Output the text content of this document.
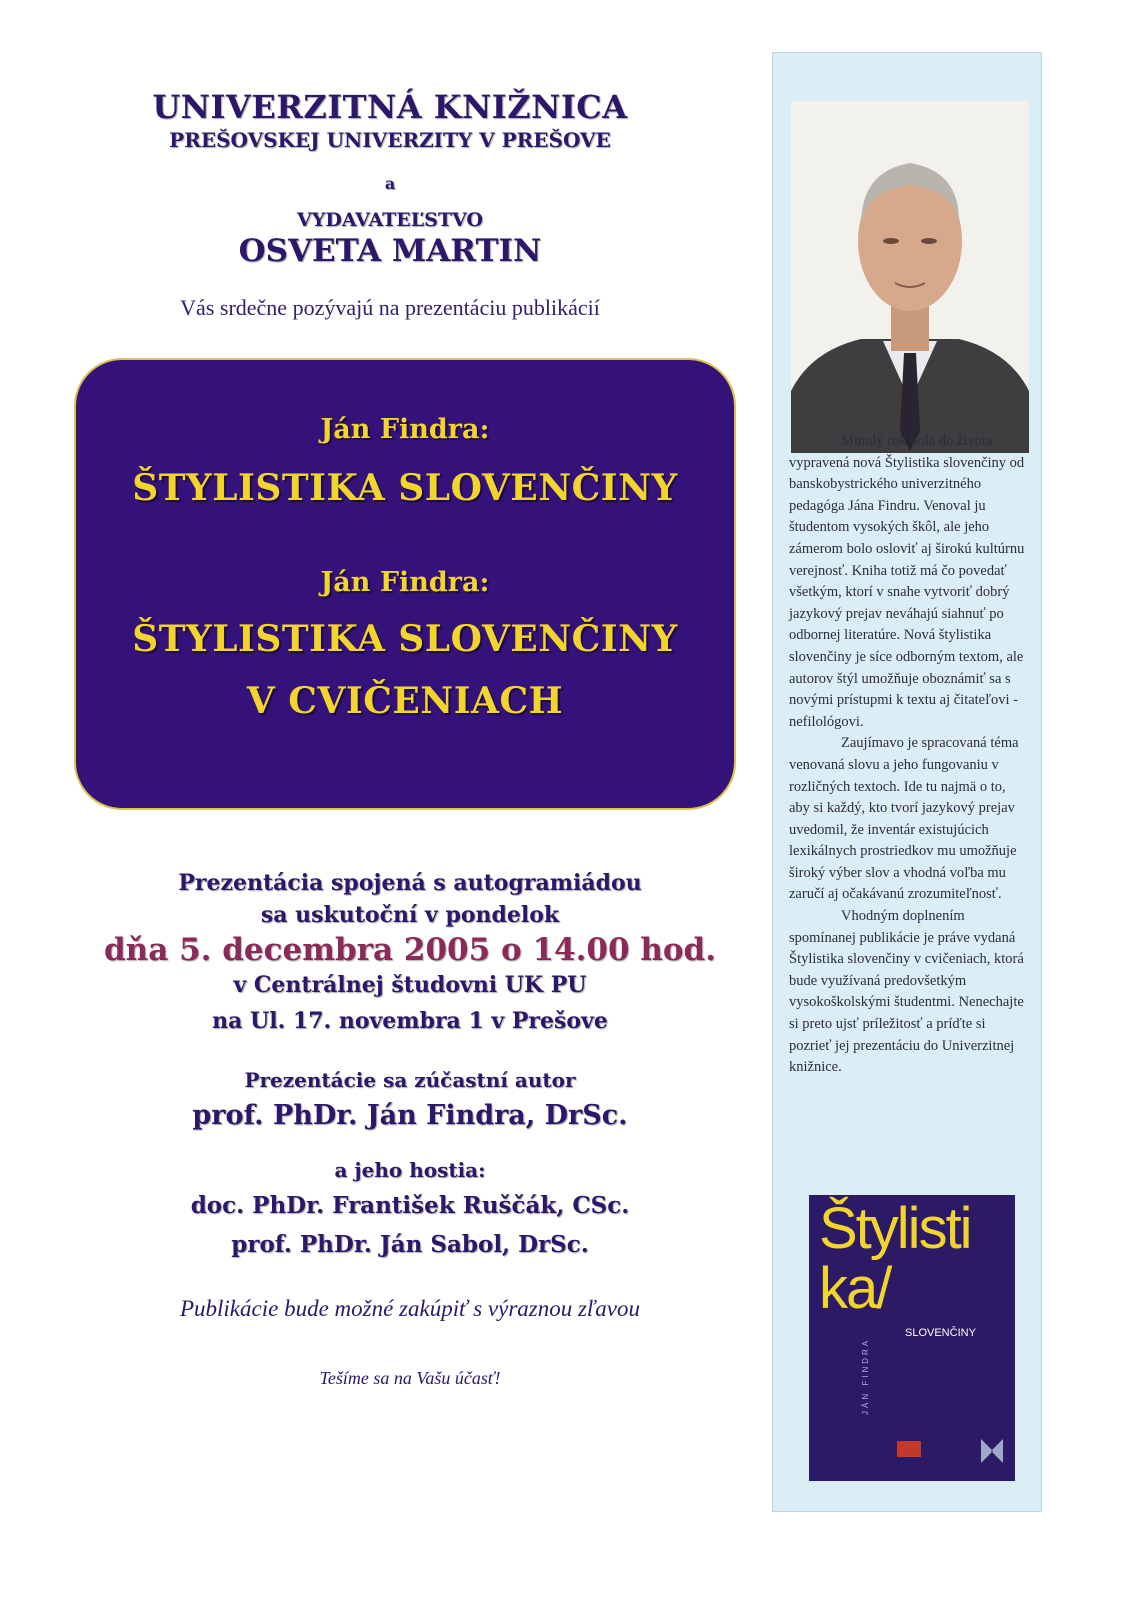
UNIVERZITNÁ KNIŽNICA
PREŠOVSKEJ UNIVERZITY V PREŠOVE
a
VYDAVATEĽSTVO
OSVETA MARTIN
Vás srdečne pozývajú na prezentáciu publikácií
Ján Findra:
ŠTYLISTIKA SLOVENČINY
Ján Findra:
ŠTYLISTIKA SLOVENČINY
V CVIČENIACH

Prezentácia spojená s autogramiádou

sa uskutoční v pondelok

dňa 5. decembra 2005 o 14.00 hod.

v Centrálnej študovni UK PU

na Ul. 17. novembra 1 v Prešove

Prezentácie sa zúčastní autor

prof. PhDr. Ján Findra, DrSc.

a jeho hostia:

doc. PhDr. František Ruščák, CSc.

prof. PhDr. Ján Sabol, DrSc.

Publikácie bude možné zakúpiť s výraznou zľavou

Tešíme sa na Vašu účasť!

Minulý rok bola do života vypravená nová Štylistika slovenčiny od banskobystrického univerzitného pedagóga Jána Findru. Venoval ju študentom vysokých škôl, ale jeho zámerom bolo osloviť aj širokú kultúrnu verejnosť. Kniha totiž má čo povedať všetkým, ktorí v snahe vytvoriť dobrý jazykový prejav neváhajú siahnuť po odbornej literatúre. Nová štylistika slovenčiny je síce odborným textom, ale autorov štýl umožňuje oboznámiť sa s novými prístupmi k textu aj čitateľovi - nefilológovi.

Zaujímavo je spracovaná téma venovaná slovu a jeho fungovaniu v rozličných textoch. Ide tu najmä o to, aby si každý, kto tvorí jazykový prejav uvedomil, že inventár existujúcich lexikálnych prostriedkov mu umožňuje široký výber slov a vhodná voľba mu zaručí aj očakávanú zrozumiteľnosť.

Vhodným doplnením spomínanej publikácie je práve vydaná Štylistika slovenčiny v cvičeniach, ktorá bude využívaná predovšetkým vysokoškolskými študentmi. Nenechajte si preto ujsť príležitosť a príďte si pozrieť jej prezentáciu do Univerzitnej knižnice.

Štylisti ka/
SLOVENČINY
JÁN FINDRA
